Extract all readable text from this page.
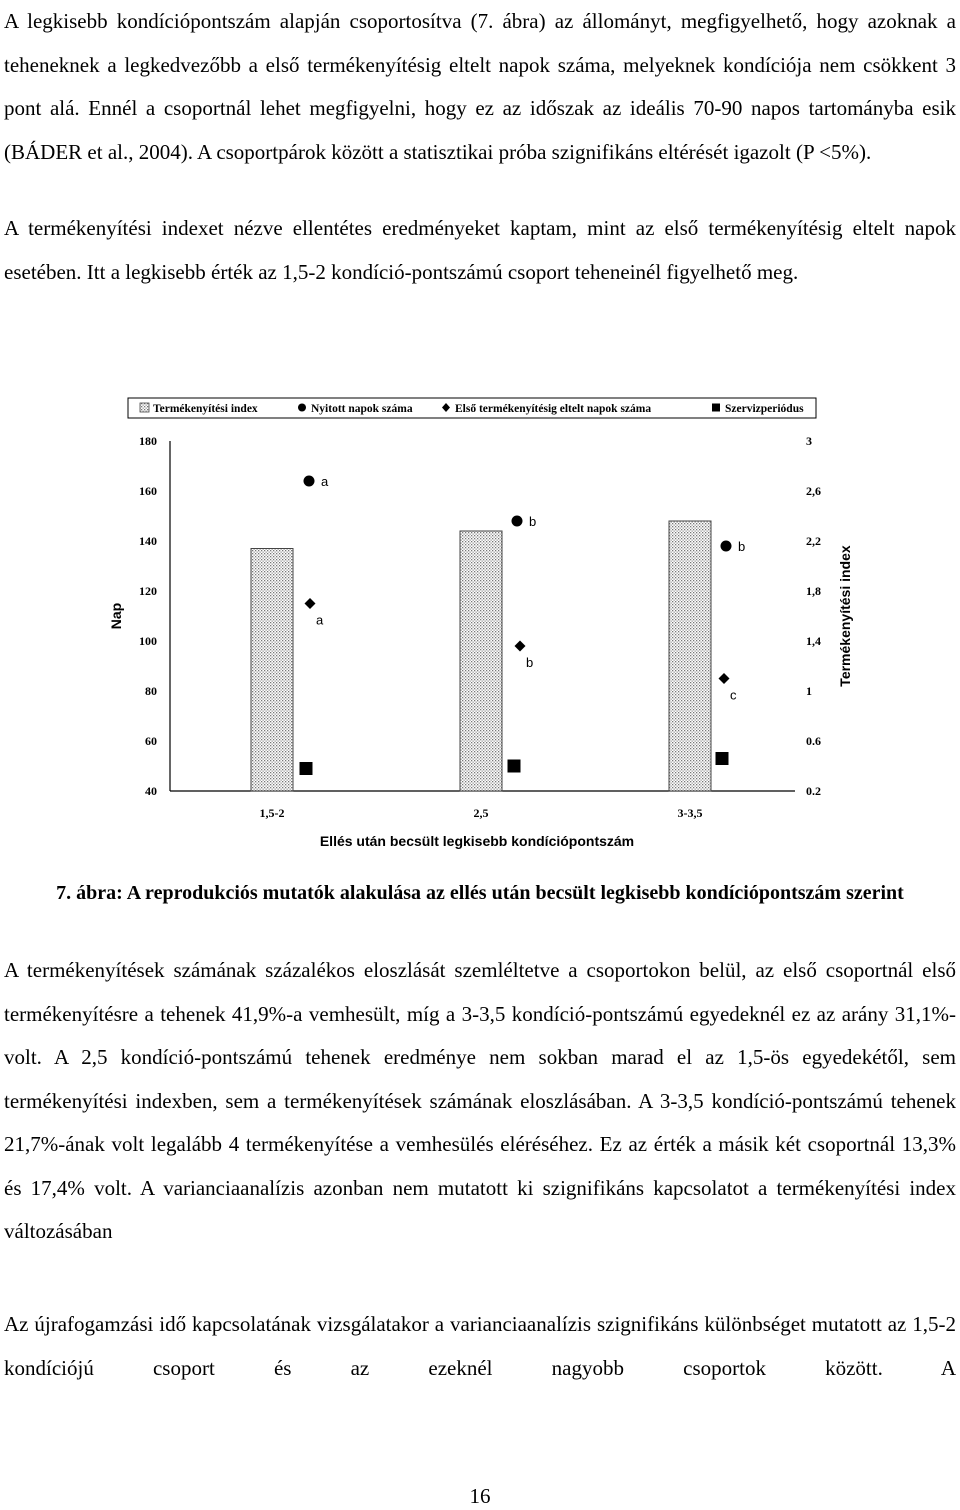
A legkisebb kondíciópontszám alapján csoportosítva (7. ábra) az állományt, megfigyelhető, hogy azoknak a teheneknek a legkedvezőbb a első termékenyítésig eltelt napok száma, melyeknek kondíciója nem csökkent 3 pont alá. Ennél a csoportnál lehet megfigyelni, hogy ez az időszak az ideális 70-90 napos tartományba esik (BÁDER et al., 2004). A csoportpárok között a statisztikai próba szignifikáns eltérését igazolt (P <5%).

A termékenyítési indexet nézve ellentétes eredményeket kaptam, mint az első termékenyítésig eltelt napok esetében. Itt a legkisebb érték az 1,5-2 kondíció-pontszámú csoport teheneinél figyelhető meg.

Termékenyítési index	Nyitott napok száma	Első termékenyítésig eltelt napok száma	Szervizperiódus
40
60
80
100
120
140
160
180
0.2
0.6
1
1,4
1,8
2,2
2,6
3
1,5-2	2,5	3-3,5
Ellés után becsült legkisebb kondíciópontszám
Nap	Termékenyítési index
a
b
b
a
b
c

7. ábra: A reprodukciós mutatók alakulása az ellés után becsült legkisebb kondíciópontszám szerint

A termékenyítések számának százalékos eloszlását szemléltetve a csoportokon belül, az első csoportnál első termékenyítésre a tehenek 41,9%-a vemhesült, míg a 3-3,5 kondíció-pontszámú egyedeknél ez az arány 31,1%-volt. A 2,5 kondíció-pontszámú tehenek eredménye nem sokban marad el az 1,5-ös egyedekétől, sem termékenyítési indexben, sem a termékenyítések számának eloszlásában. A 3-3,5 kondíció-pontszámú tehenek 21,7%-ának volt legalább 4 termékenyítése a vemhesülés eléréséhez. Ez az érték a másik két csoportnál 13,3% és 17,4% volt. A varianciaanalízis azonban nem mutatott ki szignifikáns kapcsolatot a termékenyítési index változásában

Az újrafogamzási idő kapcsolatának vizsgálatakor a varianciaanalízis szignifikáns különbséget mutatott az 1,5-2 kondíciójú csoport és az ezeknél nagyobb csoportok között. A

16
